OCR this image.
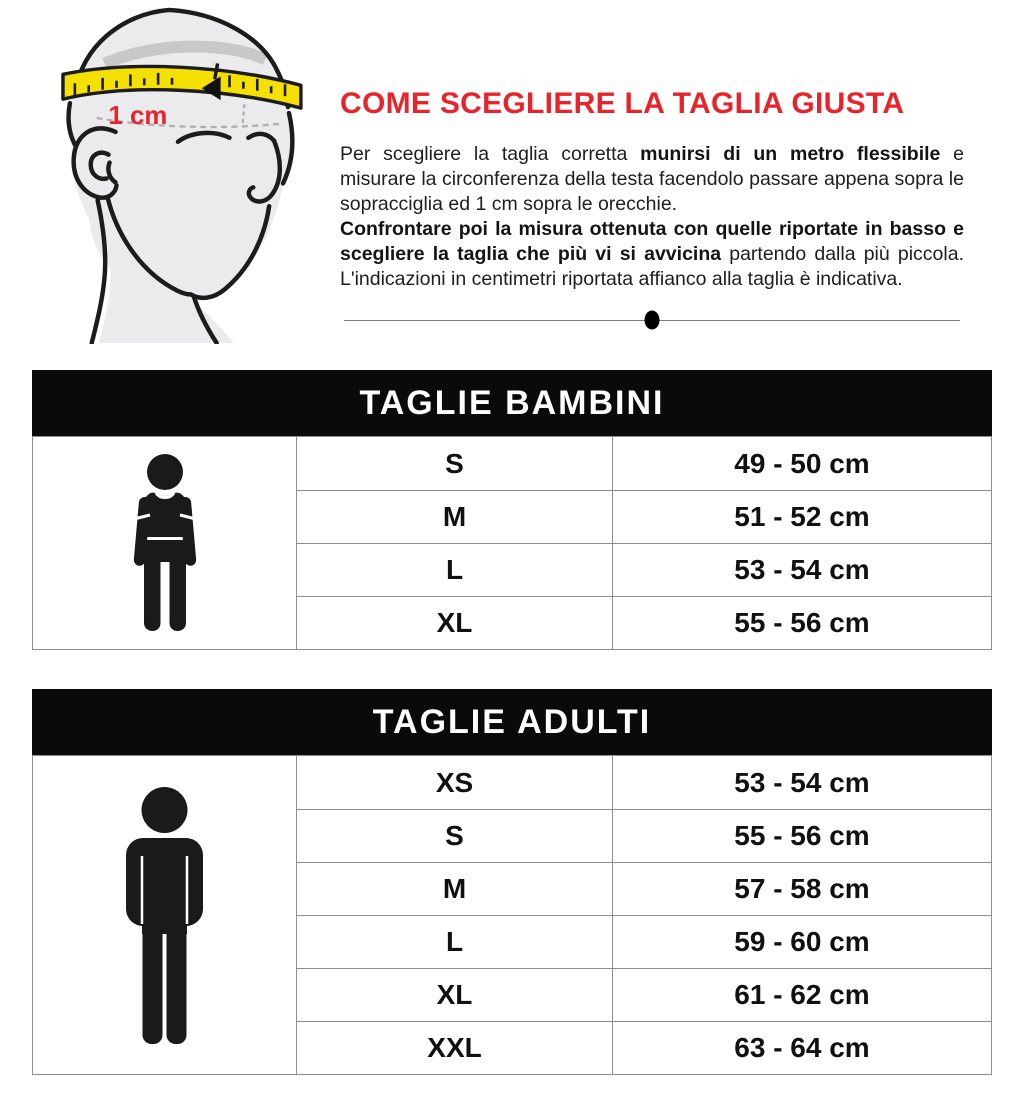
1 cm	COME SCEGLIERE LA TAGLIA GIUSTA

Per scegliere la taglia corretta munirsi di un metro flessibile e misurare la circonferenza della testa facendolo passare appena sopra le sopracciglia ed 1 cm sopra le orecchie.

Confrontare poi la misura ottenuta con quelle riportate in basso e scegliere la taglia che più vi si avvicina partendo dalla più piccola. L'indicazioni in centimetri riportata affianco alla taglia è indicativa.

TAGLIE BAMBINI
S	49 - 50 cm
M	51 - 52 cm
L	53 - 54 cm
XL	55 - 56 cm
TAGLIE ADULTI
XS	53 - 54 cm
S	55 - 56 cm
M	57 - 58 cm
L	59 - 60 cm
XL	61 - 62 cm
XXL	63 - 64 cm
